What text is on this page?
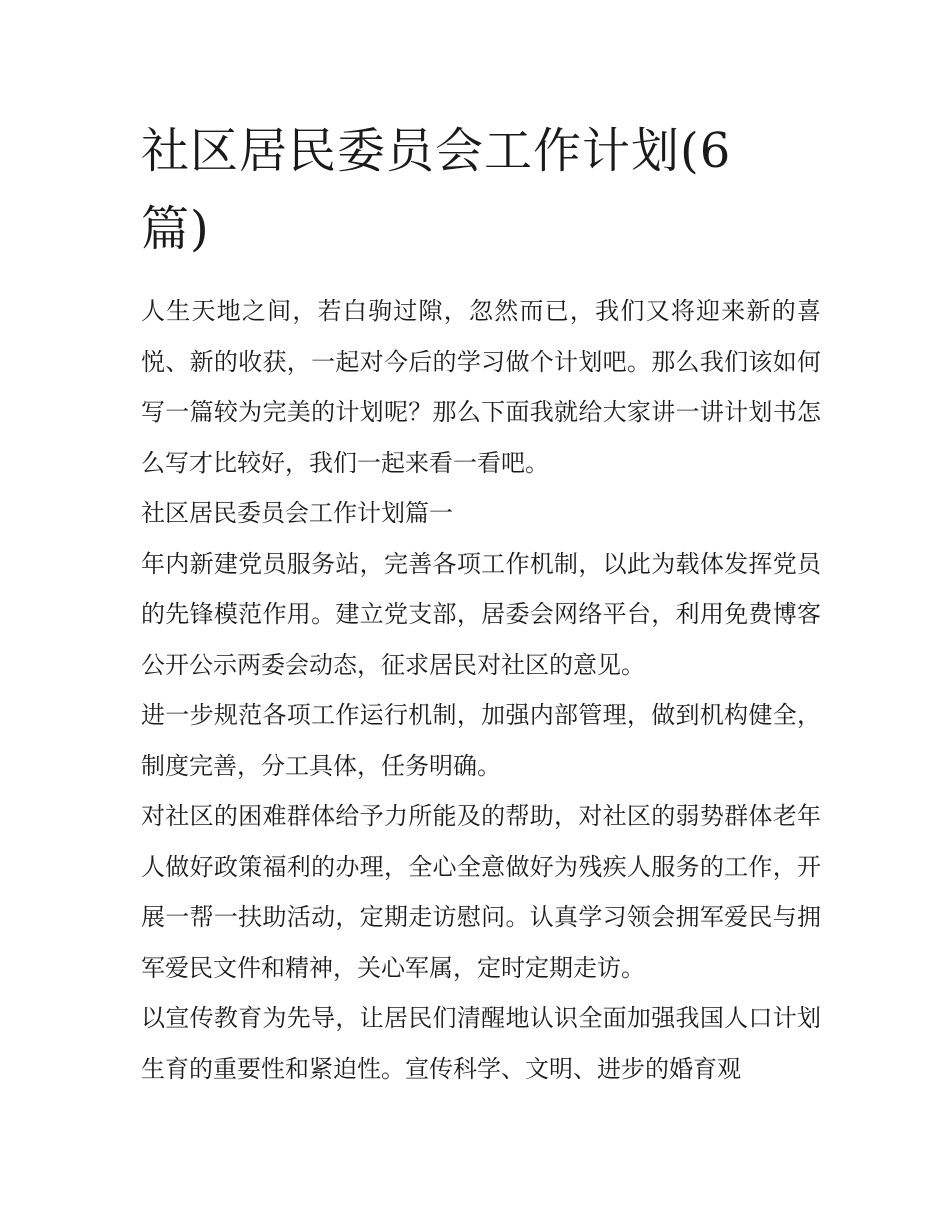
社区居民委员会工作计划(6篇)

人生天地之间，若白驹过隙，忽然而已，我们又将迎来新的喜悦、新的收获，一起对今后的学习做个计划吧。那么我们该如何写一篇较为完美的计划呢？那么下面我就给大家讲一讲计划书怎么写才比较好，我们一起来看一看吧。

社区居民委员会工作计划篇一

年内新建党员服务站，完善各项工作机制，以此为载体发挥党员的先锋模范作用。建立党支部，居委会网络平台，利用免费博客公开公示两委会动态，征求居民对社区的意见。

进一步规范各项工作运行机制，加强内部管理，做到机构健全，制度完善，分工具体，任务明确。

对社区的困难群体给予力所能及的帮助，对社区的弱势群体老年人做好政策福利的办理，全心全意做好为残疾人服务的工作，开展一帮一扶助活动，定期走访慰问。认真学习领会拥军爱民与拥军爱民文件和精神，关心军属，定时定期走访。

以宣传教育为先导，让居民们清醒地认识全面加强我国人口计划生育的重要性和紧迫性。宣传科学、文明、进步的婚育观
